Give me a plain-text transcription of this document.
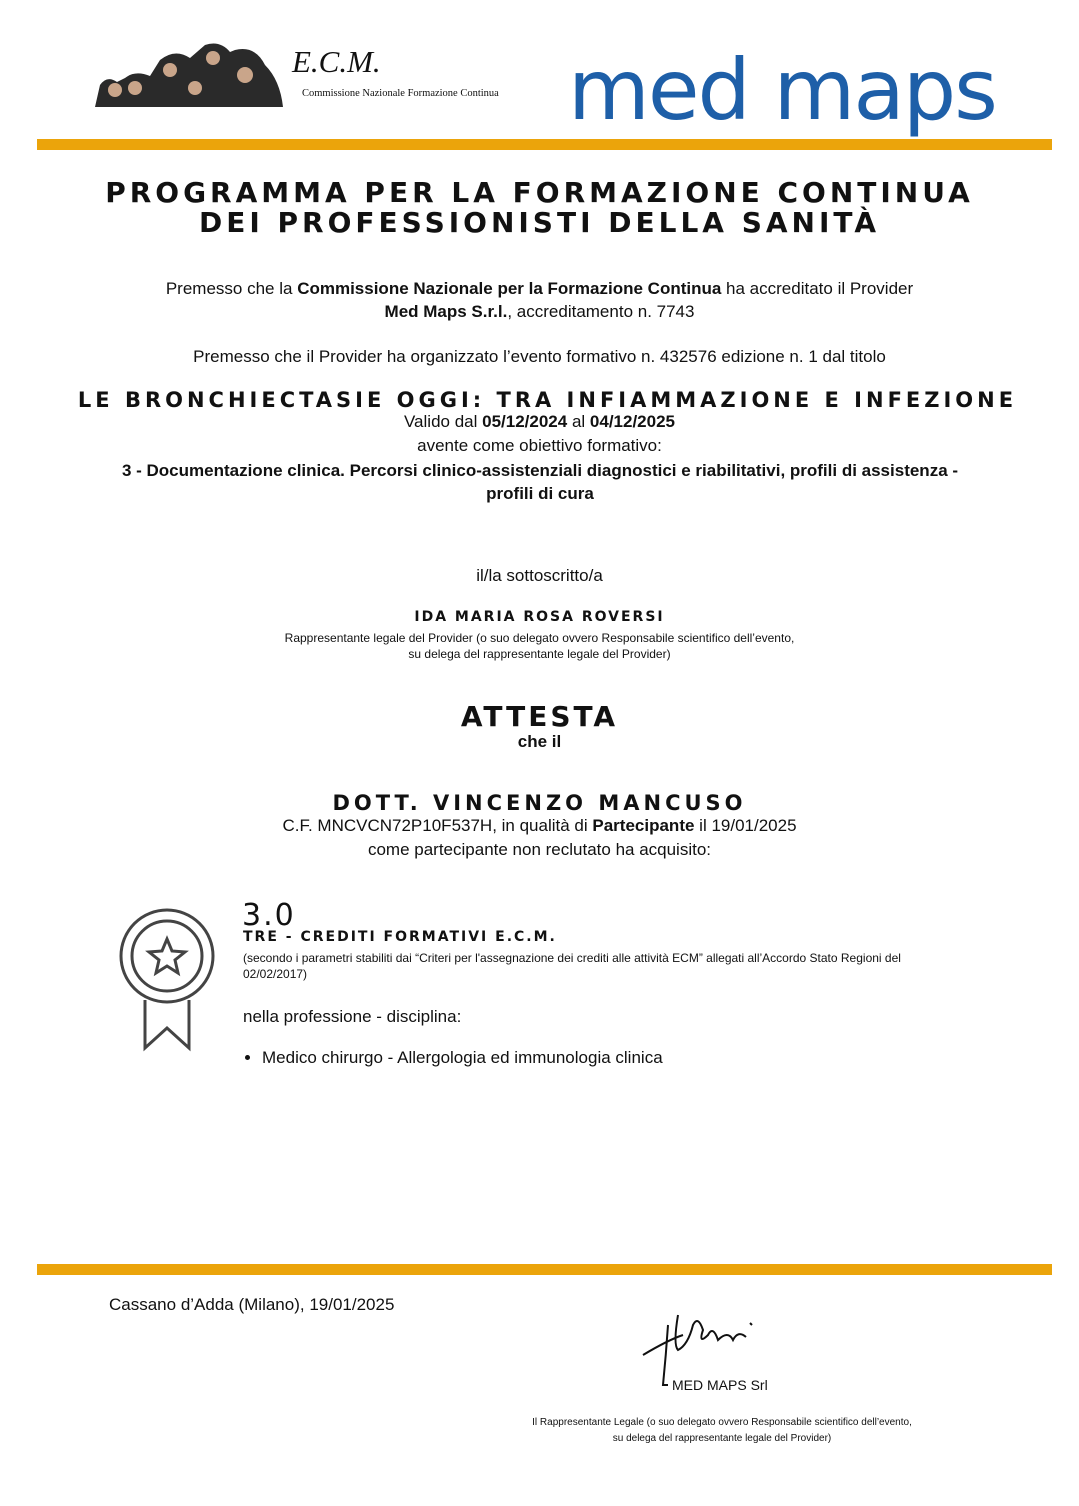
E.C.M.
Commissione Nazionale Formazione Continua med maps
PROGRAMMA PER LA FORMAZIONE CONTINUA
DEI PROFESSIONISTI DELLA SANITÀ
Premesso che la Commissione Nazionale per la Formazione Continua ha accreditato il Provider
Med Maps S.r.l., accreditamento n. 7743
Premesso che il Provider ha organizzato l’evento formativo n. 432576 edizione n. 1 dal titolo
LE BRONCHIECTASIE OGGI: TRA INFIAMMAZIONE E INFEZIONE
Valido dal 05/12/2024 al 04/12/2025
avente come obiettivo formativo:
3 - Documentazione clinica. Percorsi clinico-assistenziali diagnostici e riabilitativi, profili di assistenza - profili di cura
il/la sottoscritto/a
IDA MARIA ROSA ROVERSI
Rappresentante legale del Provider (o suo delegato ovvero Responsabile scientifico dell’evento,
su delega del rappresentante legale del Provider)
ATTESTA
che il
DOTT. VINCENZO MANCUSO
C.F. MNCVCN72P10F537H, in qualità di Partecipante il 19/01/2025
come partecipante non reclutato ha acquisito:
3.0
TRE - CREDITI FORMATIVI E.C.M.
(secondo i parametri stabiliti dai “Criteri per l'assegnazione dei crediti alle attività ECM” allegati all’Accordo Stato Regioni del 02/02/2017)
nella professione - disciplina:
• Medico chirurgo - Allergologia ed immunologia clinica
Cassano d’Adda (Milano), 19/01/2025
MED MAPS Srl
Il Rappresentante Legale (o suo delegato ovvero Responsabile scientifico dell’evento,
su delega del rappresentante legale del Provider)
